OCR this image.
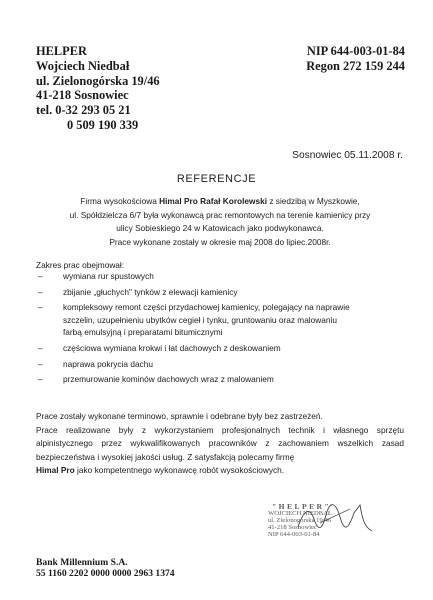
HELPER
Wojciech Niedbał
ul. Zielonogórska 19/46
41-218 Sosnowiec
tel. 0-32 293 05 21
0 509 190 339
NIP 644-003-01-84
Regon 272 159 244
Sosnowiec 05.11.2008 r.
REFERENCJE
Firma wysokościowa Himal Pro Rafał Korolewski z siedzibą w Myszkowie,
ul. Spółdzielcza 6/7 była wykonawcą prac remontowych na terenie kamienicy przy
ulicy Sobieskiego 24 w Katowicach jako podwykonawca.
Prace wykonane zostały w okresie maj 2008 do lipiec.2008r.
Zakres prac obejmował:
– wymiana rur spustowych
– zbijanie „głuchych" tynków z elewacji kamienicy
– kompleksowy remont części przydachowej kamienicy, polegający na naprawie
szczelin, uzupełnieniu ubytków cegieł i tynku, gruntowaniu oraz malowaniu
farbą emulsyjną i preparatami bitumicznymi
– częściowa wymiana krokwi i łat dachowych z deskowaniem
– naprawa pokrycia dachu
– przemurowanie kominów dachowych wraz z malowaniem

Prace zostały wykonane terminowo, sprawnie i odebrane były bez zastrzeżeń.

Prace realizowane były z wykorzystaniem profesjonalnych technik i własnego sprzętu alpinistycznego przez wykwalifikowanych pracowników z zachowaniem wszelkich zasad bezpieczeństwa i wysokiej jakości usług. Z satysfakcją polecamy firmę
Himal Pro jako kompetentnego wykonawcę robót wysokościowych.

"HELPER"
WOJCIECH NIEDBAŁ
ul. Zielonogórska 19/46
41-218 Sosnowiec
NIP 644-003-01-84
Bank Millennium S.A.
55 1160 2202 0000 0000 2963 1374
